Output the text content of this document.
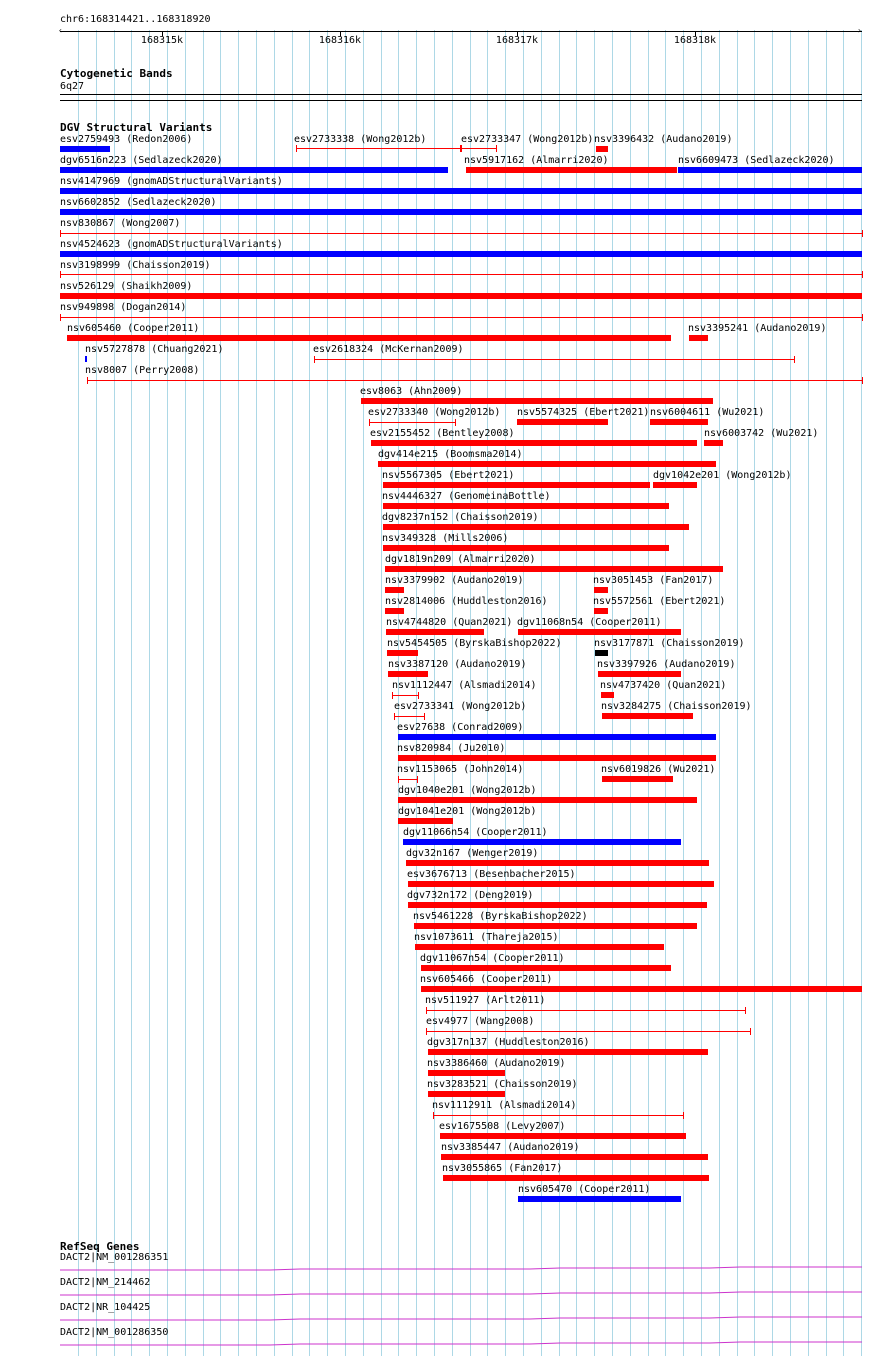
chr6:168314421..168318920
‹	›
168315k	168316k	168317k	168318k
Cytogenetic Bands
6q27
DGV Structural Variants
esv2759493 (Redon2006)	esv2733338 (Wong2012b)	esv2733347 (Wong2012b) nsv3396432 (Audano2019)
dgv6516n223 (Sedlazeck2020)	nsv5917162 (Almarri2020)	nsv6609473 (Sedlazeck2020)
nsv4147969 (gnomADStructuralVariants)
nsv6602852 (Sedlazeck2020)
nsv830867 (Wong2007)
nsv4524623 (gnomADStructuralVariants)
nsv3198999 (Chaisson2019)
nsv526129 (Shaikh2009)
nsv949898 (Dogan2014)
nsv605460 (Cooper2011)	nsv3395241 (Audano2019)
nsv5727878 (Chuang2021)	esv2618324 (McKernan2009)
nsv8007 (Perry2008)
esv8063 (Ahn2009)
esv2733340 (Wong2012b) nsv5574325 (Ebert2021) nsv6004611 (Wu2021)
esv2155452 (Bentley2008)	nsv6003742 (Wu2021)
dgv414e215 (Boomsma2014)
nsv5567305 (Ebert2021)	dgv1042e201 (Wong2012b)
nsv4446327 (GenomeinaBottle)
dgv8237n152 (Chaisson2019)
nsv349328 (Mills2006)
dgv1819n209 (Almarri2020)
nsv3379902 (Audano2019)	nsv3051453 (Fan2017)
nsv2814006 (Huddleston2016)	nsv5572561 (Ebert2021)
nsv4744820 (Quan2021) dgv11068n54 (Cooper2011)
nsv5454505 (ByrskaBishop2022)	nsv3177871 (Chaisson2019)
nsv3387120 (Audano2019)	nsv3397926 (Audano2019)
nsv1112447 (Alsmadi2014)	nsv4737420 (Quan2021)
esv2733341 (Wong2012b)	nsv3284275 (Chaisson2019)
esv27638 (Conrad2009)
nsv820984 (Ju2010)
nsv1153065 (John2014)	nsv6019826 (Wu2021)
dgv1040e201 (Wong2012b)
dgv1041e201 (Wong2012b)
dgv11066n54 (Cooper2011)
dgv32n167 (Wenger2019)
esv3676713 (Besenbacher2015)
dgv732n172 (Deng2019)
nsv5461228 (ByrskaBishop2022)
nsv1073611 (Thareja2015)
dgv11067n54 (Cooper2011)
nsv605466 (Cooper2011)
nsv511927 (Arlt2011)
esv4977 (Wang2008)
dgv317n137 (Huddleston2016)
nsv3386460 (Audano2019)
nsv3283521 (Chaisson2019)
nsv1112911 (Alsmadi2014)
esv1675508 (Levy2007)
nsv3385447 (Audano2019)
nsv3055865 (Fan2017)
nsv605470 (Cooper2011)
RefSeq Genes
DACT2|NM_001286351
DACT2|NM_214462
DACT2|NR_104425
DACT2|NM_001286350
